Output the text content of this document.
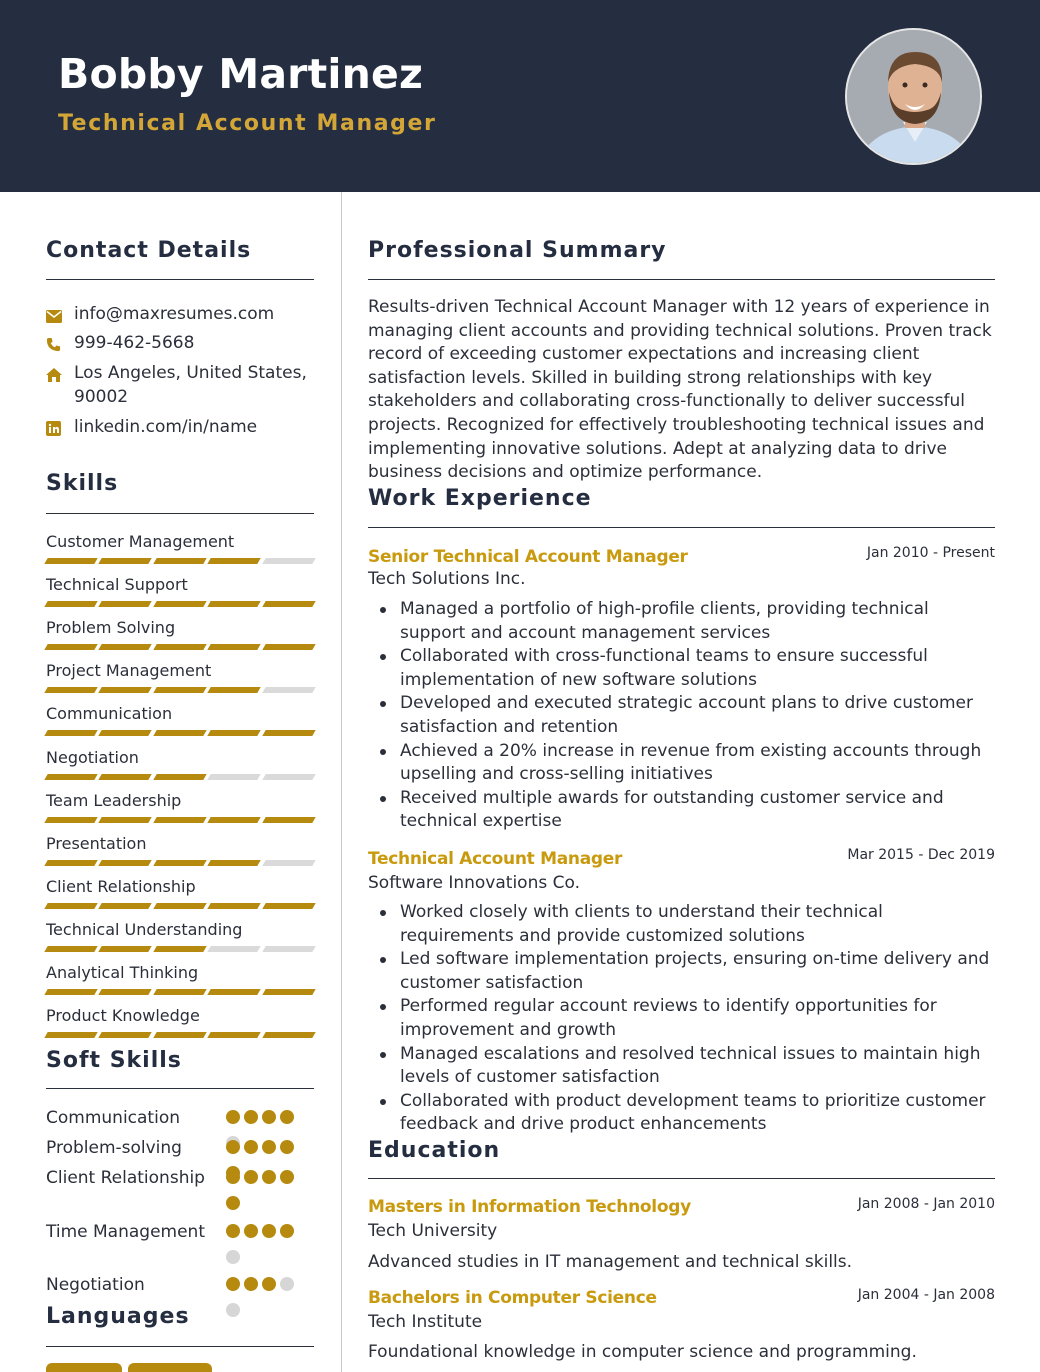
Bobby Martinez
Technical Account Manager
Contact Details
info@maxresumes.com
999-462-5668
Los Angeles, United States, 90002
linkedin.com/in/name
Skills
Customer Management
Technical Support
Problem Solving
Project Management
Communication
Negotiation
Team Leadership
Presentation
Client Relationship
Technical Understanding
Analytical Thinking
Product Knowledge
Soft Skills
Communication
Problem-solving
Client Relationship
Time Management
Negotiation
Languages
Professional Summary
Results-driven Technical Account Manager with 12 years of experience in managing client accounts and providing technical solutions. Proven track record of exceeding customer expectations and increasing client satisfaction levels. Skilled in building strong relationships with key stakeholders and collaborating cross-functionally to deliver successful projects. Recognized for effectively troubleshooting technical issues and implementing innovative solutions. Adept at analyzing data to drive business decisions and optimize performance.
Work Experience
Senior Technical Account Manager	Jan 2010 - Present
Tech Solutions Inc.
Managed a portfolio of high-profile clients, providing technical support and account management services
Collaborated with cross-functional teams to ensure successful implementation of new software solutions
Developed and executed strategic account plans to drive customer satisfaction and retention
Achieved a 20% increase in revenue from existing accounts through upselling and cross-selling initiatives
Received multiple awards for outstanding customer service and technical expertise
Technical Account Manager	Mar 2015 - Dec 2019
Software Innovations Co.
Worked closely with clients to understand their technical requirements and provide customized solutions
Led software implementation projects, ensuring on-time delivery and customer satisfaction
Performed regular account reviews to identify opportunities for improvement and growth
Managed escalations and resolved technical issues to maintain high levels of customer satisfaction
Collaborated with product development teams to prioritize customer feedback and drive product enhancements
Education
Masters in Information Technology	Jan 2008 - Jan 2010
Tech University
Advanced studies in IT management and technical skills.
Bachelors in Computer Science	Jan 2004 - Jan 2008
Tech Institute
Foundational knowledge in computer science and programming.
